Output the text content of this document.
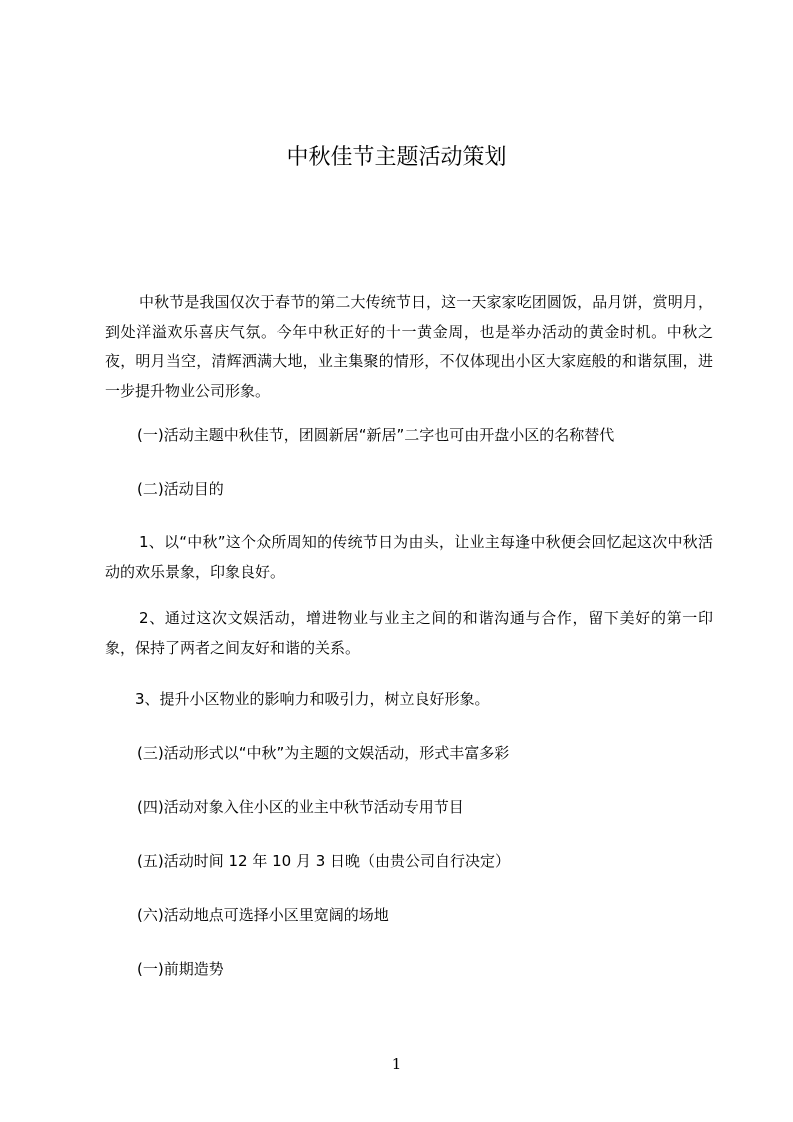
中秋佳节主题活动策划

中秋节是我国仅次于春节的第二大传统节日，这一天家家吃团圆饭，品月饼，赏明月，到处洋溢欢乐喜庆气氛。今年中秋正好的十一黄金周，也是举办活动的黄金时机。中秋之夜，明月当空，清辉洒满大地，业主集聚的情形，不仅体现出小区大家庭般的和谐氛围，进一步提升物业公司形象。

(一)活动主题中秋佳节，团圆新居“新居”二字也可由开盘小区的名称替代

(二)活动目的

1、以“中秋”这个众所周知的传统节日为由头，让业主每逢中秋便会回忆起这次中秋活动的欢乐景象，印象良好。

2、通过这次文娱活动，增进物业与业主之间的和谐沟通与合作，留下美好的第一印象，保持了两者之间友好和谐的关系。

3、提升小区物业的影响力和吸引力，树立良好形象。

(三)活动形式以“中秋”为主题的文娱活动，形式丰富多彩

(四)活动对象入住小区的业主中秋节活动专用节目

(五)活动时间 12 年 10 月 3 日晚（由贵公司自行决定）

(六)活动地点可选择小区里宽阔的场地

(一)前期造势

1
